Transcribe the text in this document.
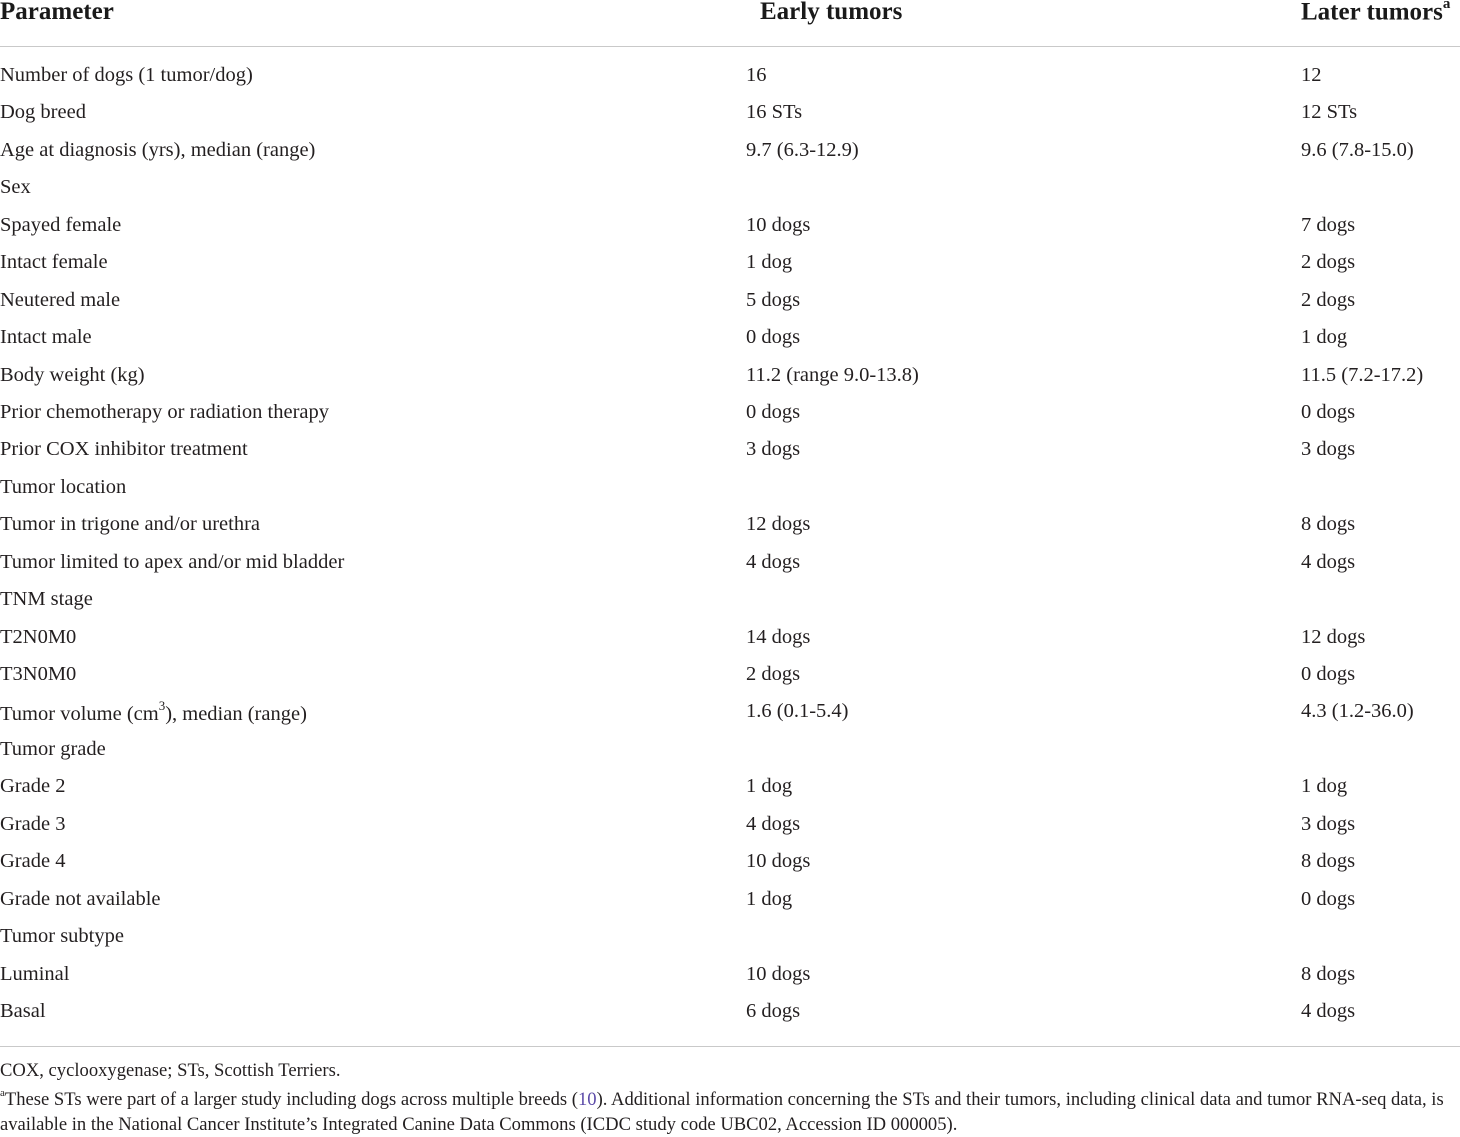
Parameter	Early tumors	Later tumors$^a$
Number of dogs (1 tumor/dog)	16	12
Dog breed	16 STs	12 STs
Age at diagnosis (yrs), median (range)	9.7 (6.3-12.9)	9.6 (7.8-15.0)
Sex
Spayed female	10 dogs	7 dogs
Intact female	1 dog	2 dogs
Neutered male	5 dogs	2 dogs
Intact male	0 dogs	1 dog
Body weight (kg)	11.2 (range 9.0-13.8)	11.5 (7.2-17.2)
Prior chemotherapy or radiation therapy	0 dogs	0 dogs
Prior COX inhibitor treatment	3 dogs	3 dogs
Tumor location
Tumor in trigone and/or urethra	12 dogs	8 dogs
Tumor limited to apex and/or mid bladder	4 dogs	4 dogs
TNM stage
T2N0M0	14 dogs	12 dogs
T3N0M0	2 dogs	0 dogs
Tumor volume $(cm^3)$, median (range)	1.6 (0.1-5.4)	4.3 (1.2-36.0)
Tumor grade
Grade 2	1 dog	1 dog
Grade 3	4 dogs	3 dogs
Grade 4	10 dogs	8 dogs
Grade not available	1 dog	0 dogs
Tumor subtype
Luminal	10 dogs	8 dogs
Basal	6 dogs	4 dogs

COX, cyclooxygenase; STs, Scottish Terriers.

$^a$These STs were part of a larger study including dogs across multiple breeds (10). Additional information concerning the STs and their tumors, including clinical data and tumor RNA-seq data, is available in the National Cancer Institute’s Integrated Canine Data Commons (ICDC study code UBC02, Accession ID 000005).
